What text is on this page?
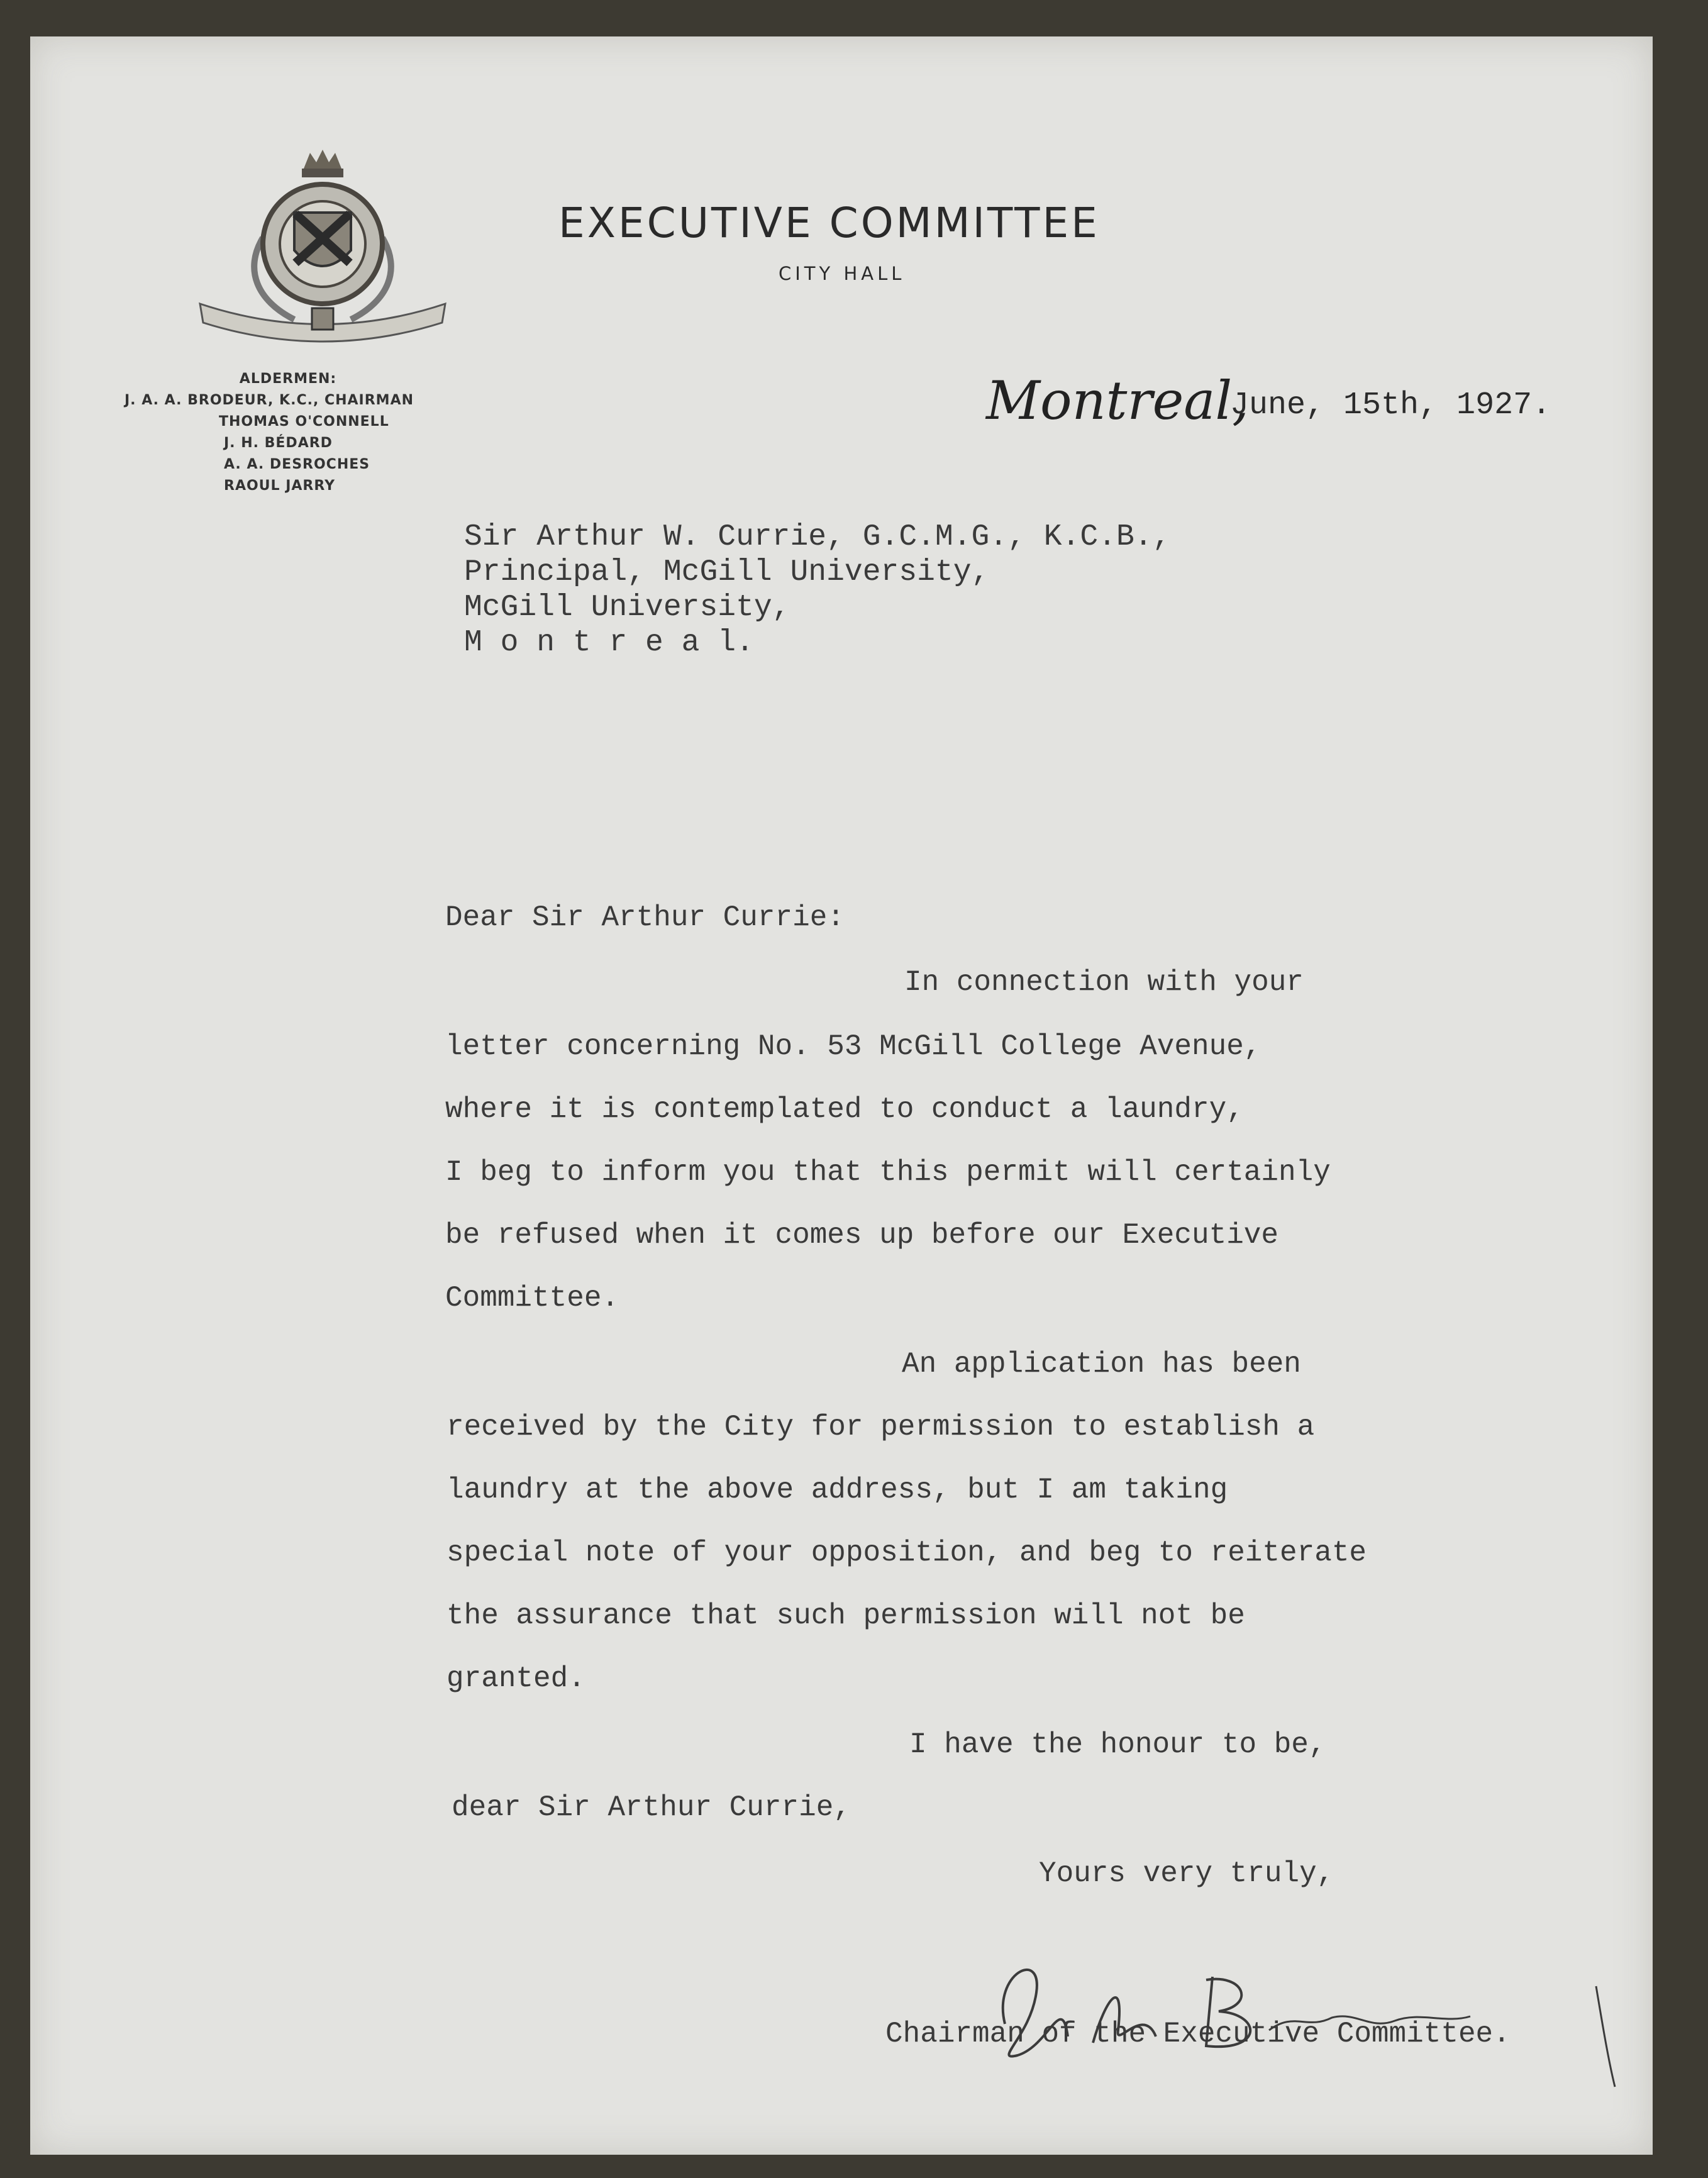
EXECUTIVE COMMITTEE
CITY HALL
ALDERMEN:
J. A. A. BRODEUR, K.C., CHAIRMAN
THOMAS O'CONNELL
J. H. BÉDARD
A. A. DESROCHES
RAOUL JARRY
Montreal,
June, 15th, 1927.
Sir Arthur W. Currie, G.C.M.G., K.C.B.,
Principal, McGill University,
McGill University,
M o n t r e a l.
Dear Sir Arthur Currie:
In connection with your
letter concerning No. 53 McGill College Avenue,
where it is contemplated to conduct a laundry,
I beg to inform you that this permit will certainly
be refused when it comes up before our Executive
Committee.
An application has been
received by the City for permission to establish a
laundry at the above address, but I am taking
special note of your opposition, and beg to reiterate
the assurance that such permission will not be
granted.
I have the honour to be,
dear Sir Arthur Currie,
Yours very truly,
Chairman of the Executive Committee.
